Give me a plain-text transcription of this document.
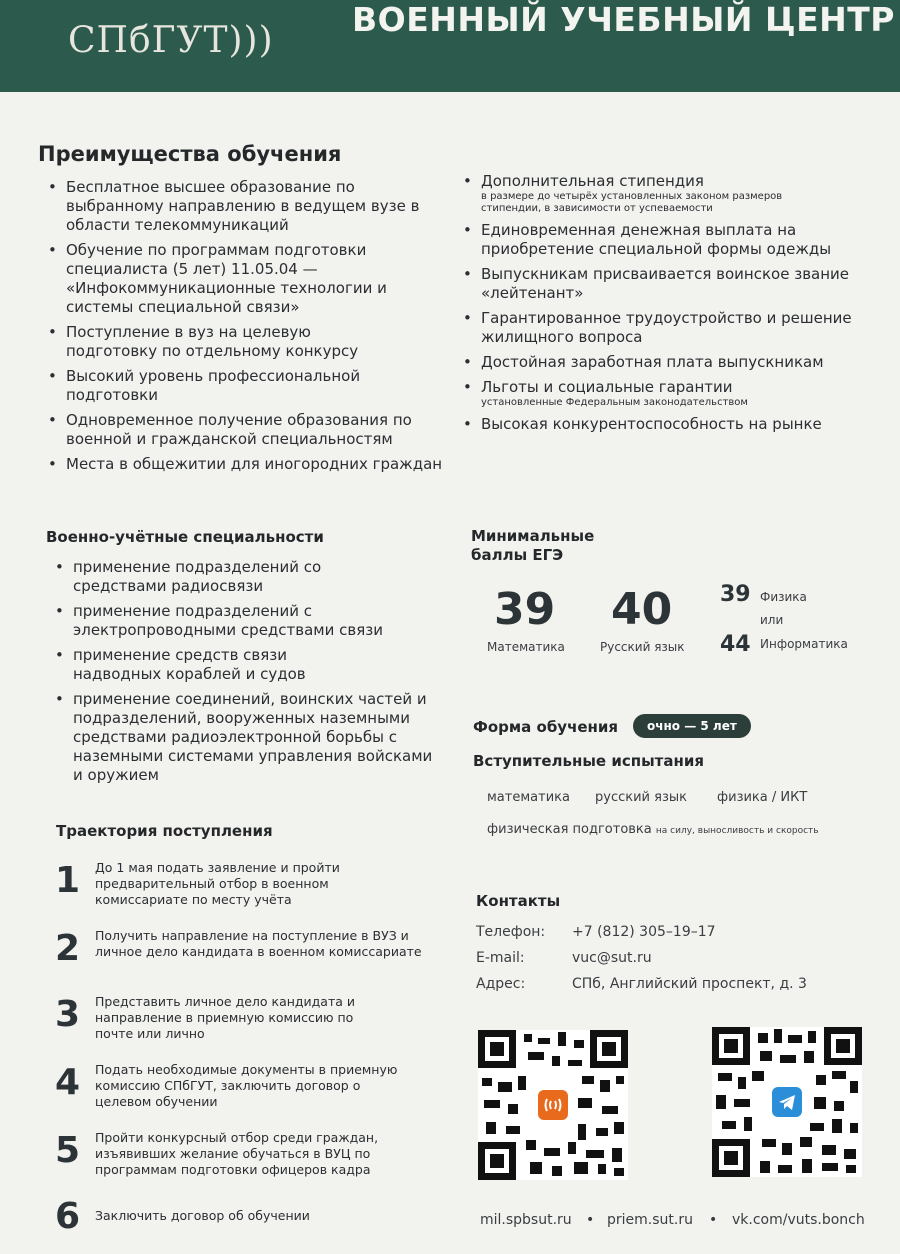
СПбГУТ)))
ВОЕННЫЙ УЧЕБНЫЙ ЦЕНТР
Преимущества обучения
• Бесплатное высшее образование по выбранному направлению в ведущем вузе в области телекоммуникаций
• Обучение по программам подготовки специалиста (5 лет) 11.05.04 — «Инфокоммуникационные технологии и системы специальной связи»
• Поступление в вуз на целевую подготовку по отдельному конкурсу
• Высокий уровень профессиональной подготовки
• Одновременное получение образования по военной и гражданской специальностям
• Места в общежитии для иногородних граждан
• Дополнительная стипендия
в размере до четырёх установленных законом размеров стипендии, в зависимости от успеваемости
• Единовременная денежная выплата на приобретение специальной формы одежды
• Выпускникам присваивается воинское звание «лейтенант»
• Гарантированное трудоустройство и решение жилищного вопроса
• Достойная заработная плата выпускникам
• Льготы и социальные гарантии
установленные Федеральным законодательством
• Высокая конкурентоспособность на рынке
Военно-учётные специальности
• применение подразделений со средствами радиосвязи
• применение подразделений с электропроводными средствами связи
• применение средств связи надводных кораблей и судов
• применение соединений, воинских частей и подразделений, вооруженных наземными средствами радиоэлектронной борьбы с наземными системами управления войсками и оружием
Минимальные
баллы ЕГЭ
39
Математика
40
Русский язык
39 Физика
или
44 Информатика
Форма обучения	очно — 5 лет
Вступительные испытания
математика русский язык физика / ИКТ
физическая подготовка на силу, выносливость и скорость
Траектория поступления
1 До 1 мая подать заявление и пройти предварительный отбор в военном комиссариате по месту учёта
2 Получить направление на поступление в ВУЗ и личное дело кандидата в военном комиссариате
3 Представить личное дело кандидата и направление в приемную комиссию по почте или лично
4 Подать необходимые документы в приемную комиссию СПбГУТ, заключить договор о целевом обучении
5 Пройти конкурсный отбор среди граждан, изъявивших желание обучаться в ВУЦ по программам подготовки офицеров кадра
6 Заключить договор об обучении
Контакты
Телефон: +7 (812) 305–19–17
E-mail:	vuc@sut.ru
Адрес:	СПб, Английский проспект, д. 3
mil.spbsut.ru • priem.sut.ru • vk.com/vuts.bonch
